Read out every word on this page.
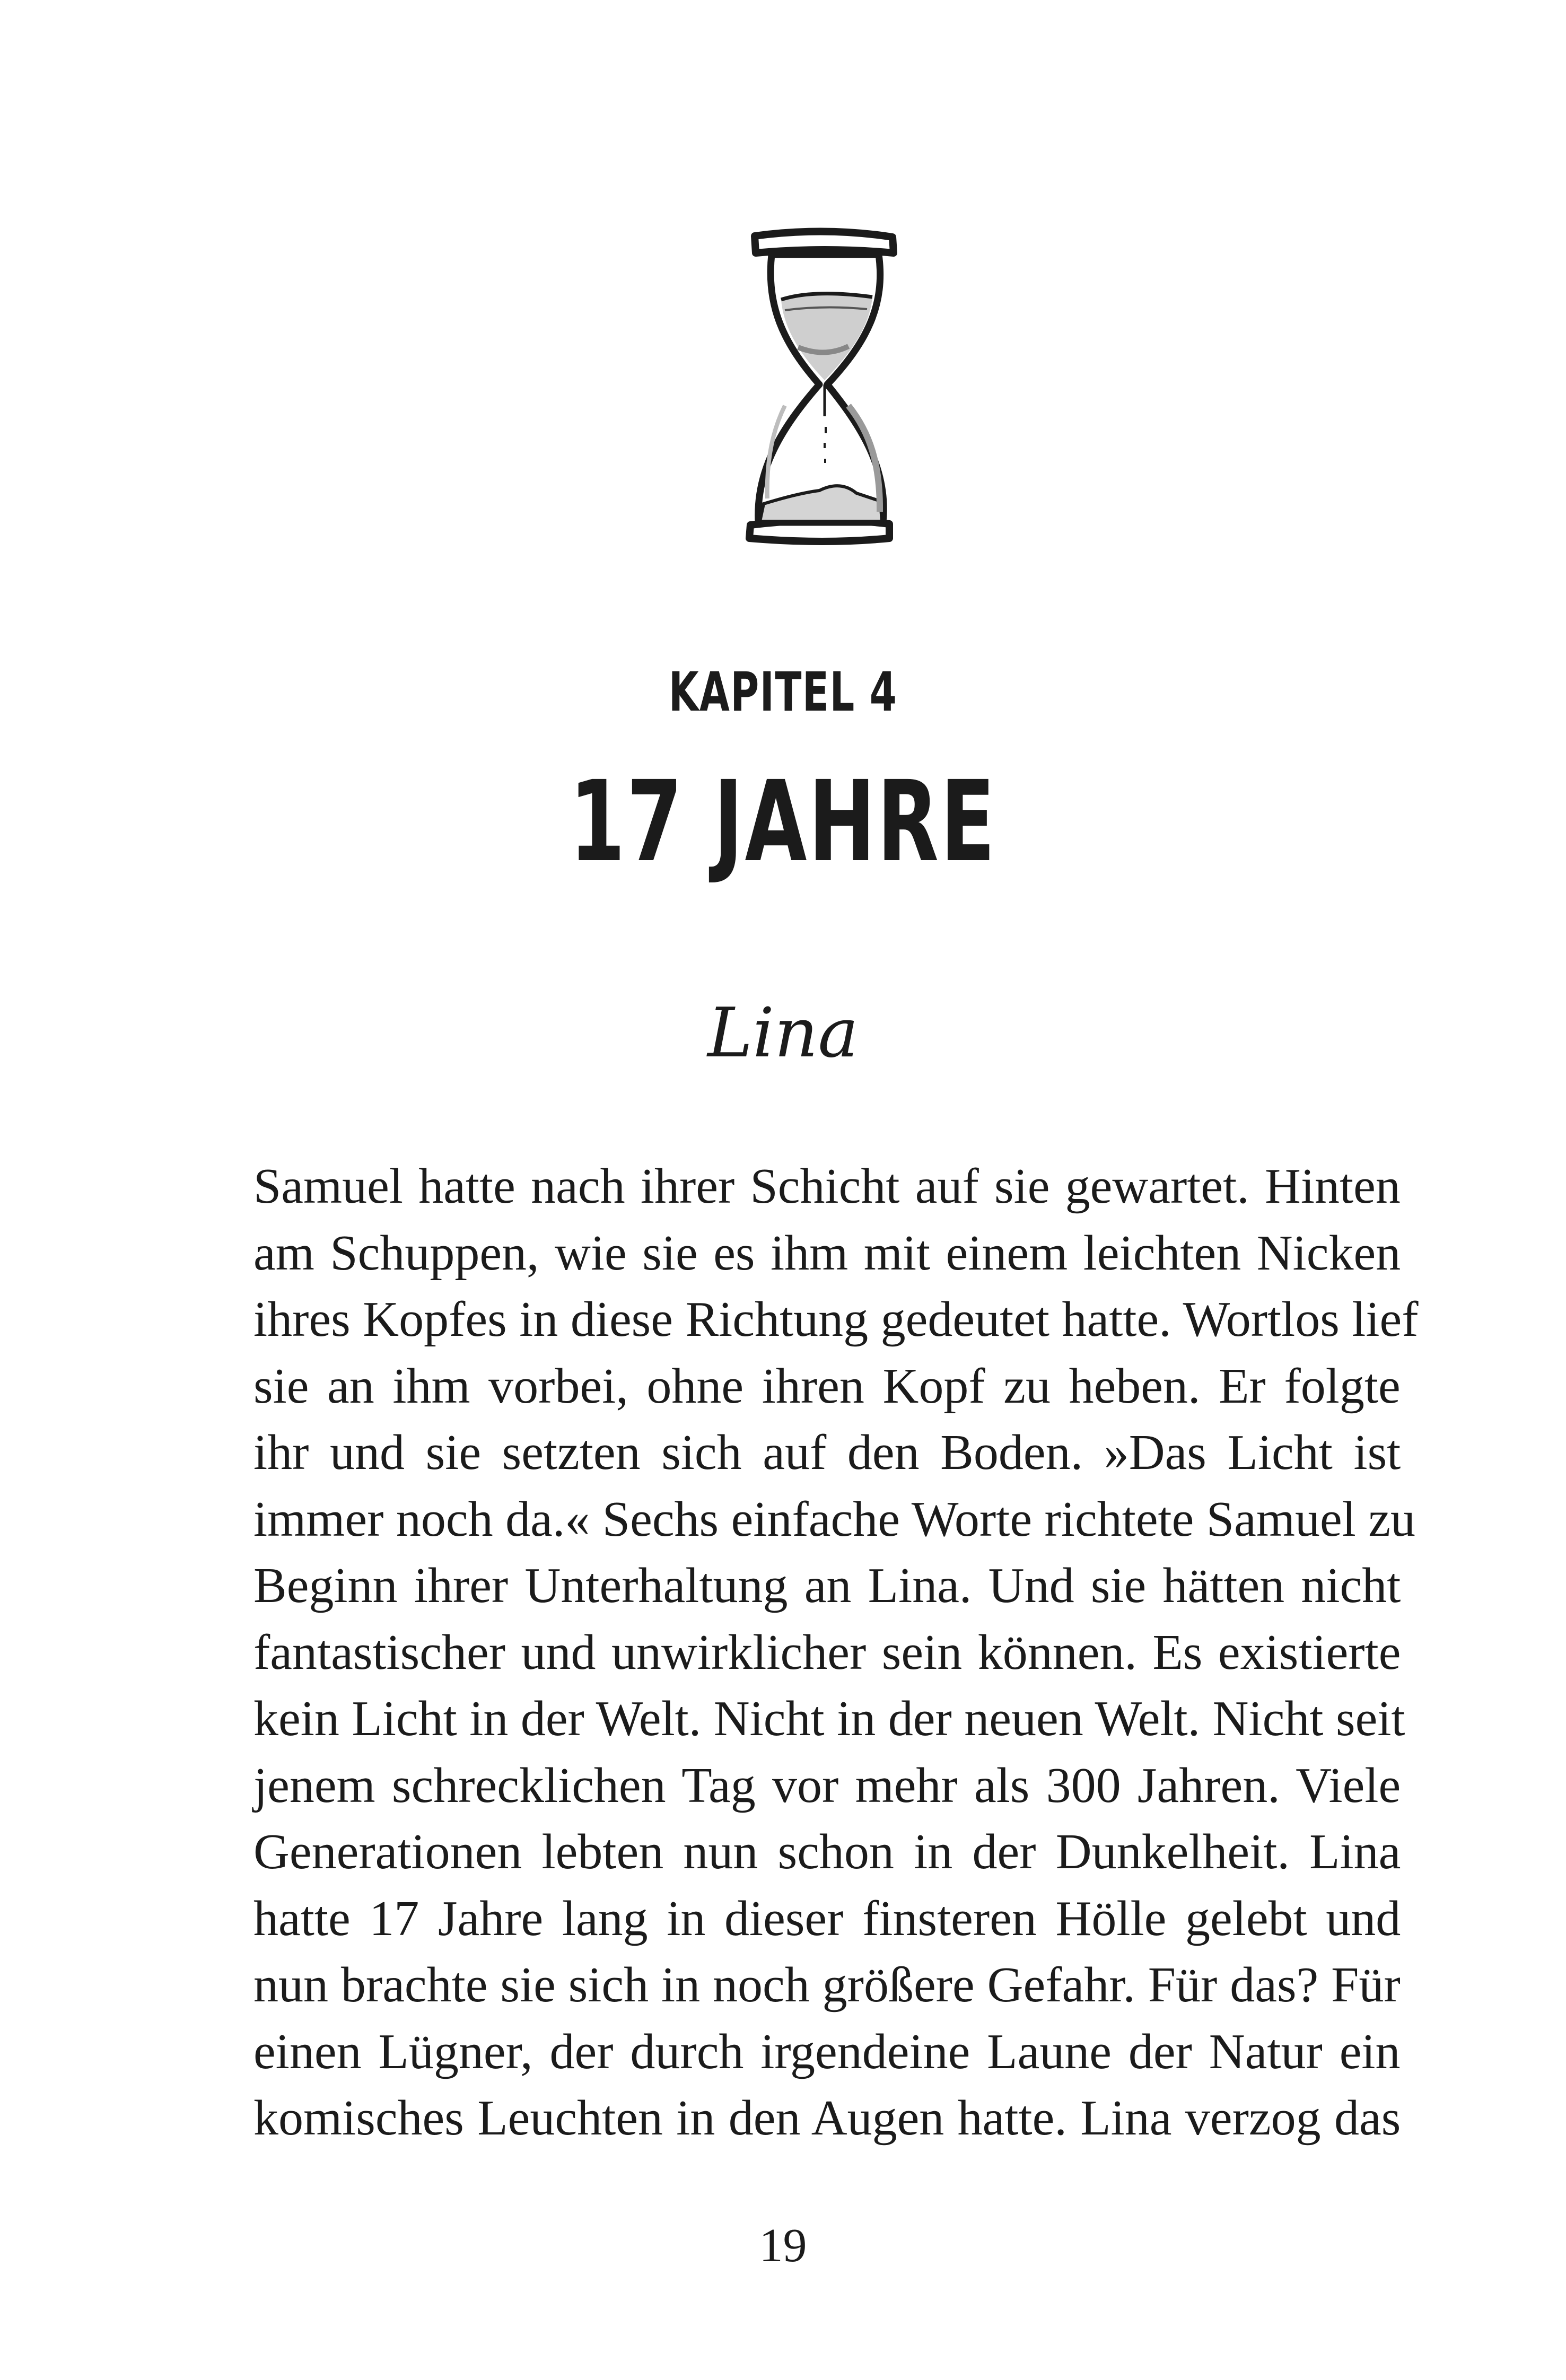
KAPITEL 4
17 JAHRE
Lina
Samuel hatte nach ihrer Schicht auf sie gewartet. Hinten
am Schuppen, wie sie es ihm mit einem leichten Nicken
ihres Kopfes in diese Richtung gedeutet hatte. Wortlos lief
sie an ihm vorbei, ohne ihren Kopf zu heben. Er folgte
ihr und sie setzten sich auf den Boden. »Das Licht ist
immer noch da.« Sechs einfache Worte richtete Samuel zu
Beginn ihrer Unterhaltung an Lina. Und sie hätten nicht
fantastischer und unwirklicher sein können. Es existierte
kein Licht in der Welt. Nicht in der neuen Welt. Nicht seit
jenem schrecklichen Tag vor mehr als 300 Jahren. Viele
Generationen lebten nun schon in der Dunkelheit. Lina
hatte 17 Jahre lang in dieser finsteren Hölle gelebt und
nun brachte sie sich in noch größere Gefahr. Für das? Für
einen Lügner, der durch irgendeine Laune der Natur ein
komisches Leuchten in den Augen hatte. Lina verzog das
19
